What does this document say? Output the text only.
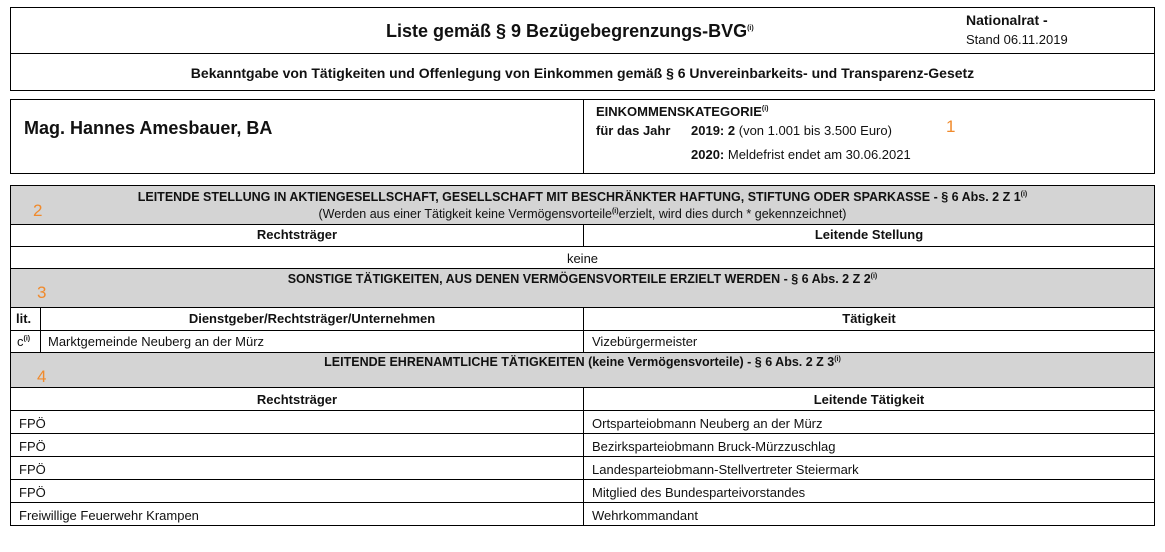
Liste gemäß § 9 Bezügebegrenzungs-BVG$^{(i)}$
Nationalrat -
Stand 06.11.2019
Bekanntgabe von Tätigkeiten und Offenlegung von Einkommen gemäß § 6 Unvereinbarkeits- und Transparenz-Gesetz
Mag. Hannes Amesbauer, BA
EINKOMMENSKATEGORIE$^{(i)}$
für das Jahr 2019: 2 (von 1.001 bis 3.500 Euro)
2020: Meldefrist endet am 30.06.2021
1
LEITENDE STELLUNG IN AKTIENGESELLSCHAFT, GESELLSCHAFT MIT BESCHRÄNKTER HAFTUNG, STIFTUNG ODER SPARKASSE - § 6 Abs. 2 Z 1$^{(i)}$
(Werden aus einer Tätigkeit keine Vermögensvorteile$^{(i)}$erzielt, wird dies durch * gekennzeichnet)
2
Rechtsträger	Leitende Stellung
keine
SONSTIGE TÄTIGKEITEN, AUS DENEN VERMÖGENSVORTEILE ERZIELT WERDEN - § 6 Abs. 2 Z 2$^{(i)}$
3
lit.	Dienstgeber/Rechtsträger/Unternehmen	Tätigkeit
$c^{(i)}$ Marktgemeinde Neuberg an der Mürz	Vizebürgermeister
LEITENDE EHRENAMTLICHE TÄTIGKEITEN (keine Vermögensvorteile) - § 6 Abs. 2 Z 3$^{(i)}$
4
Rechtsträger	Leitende Tätigkeit
FPÖ	Ortsparteiobmann Neuberg an der Mürz
FPÖ	Bezirksparteiobmann Bruck-Mürzzuschlag
FPÖ	Landesparteiobmann-Stellvertreter Steiermark
FPÖ	Mitglied des Bundesparteivorstandes
Freiwillige Feuerwehr Krampen	Wehrkommandant
